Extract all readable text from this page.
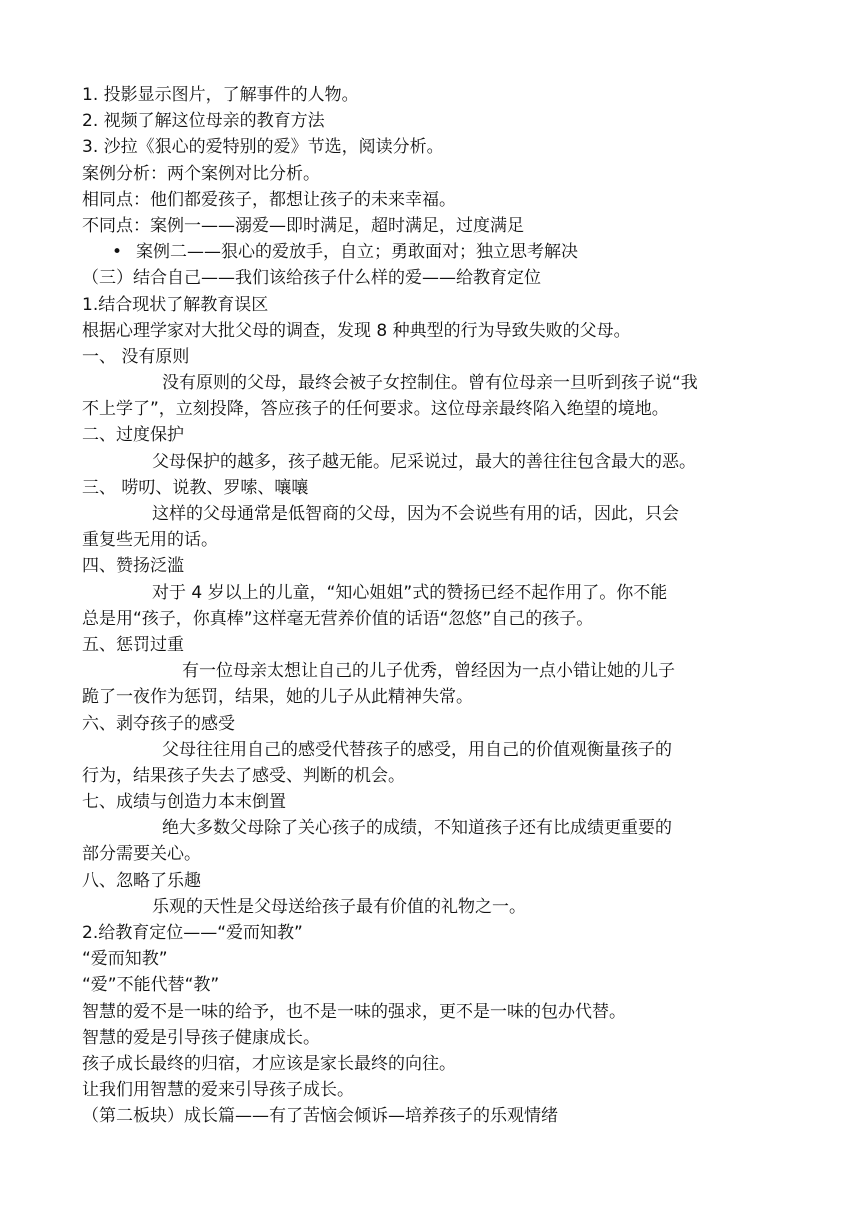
1. 投影显示图片，了解事件的人物。
2. 视频了解这位母亲的教育方法
3. 沙拉《狠心的爱特别的爱》节选，阅读分析。
案例分析：两个案例对比分析。
相同点：他们都爱孩子，都想让孩子的未来幸福。
不同点：案例一——溺爱—即时满足，超时满足，过度满足
• 案例二——狠心的爱放手，自立；勇敢面对；独立思考解决
（三）结合自己——我们该给孩子什么样的爱——给教育定位
1.结合现状了解教育误区
根据心理学家对大批父母的调查，发现 8 种典型的行为导致失败的父母。
一、 没有原则
没有原则的父母，最终会被子女控制住。曾有位母亲一旦听到孩子说“我
不上学了”，立刻投降，答应孩子的任何要求。这位母亲最终陷入绝望的境地。
二、过度保护
父母保护的越多，孩子越无能。尼采说过，最大的善往往包含最大的恶。
三、 唠叨、说教、罗嗦、嚷嚷
这样的父母通常是低智商的父母，因为不会说些有用的话，因此，只会
重复些无用的话。
四、赞扬泛滥
对于 4 岁以上的儿童，“知心姐姐”式的赞扬已经不起作用了。你不能
总是用“孩子，你真棒”这样毫无营养价值的话语“忽悠”自己的孩子。
五、惩罚过重
有一位母亲太想让自己的儿子优秀，曾经因为一点小错让她的儿子
跪了一夜作为惩罚，结果，她的儿子从此精神失常。
六、剥夺孩子的感受
父母往往用自己的感受代替孩子的感受，用自己的价值观衡量孩子的
行为，结果孩子失去了感受、判断的机会。
七、成绩与创造力本末倒置
绝大多数父母除了关心孩子的成绩，不知道孩子还有比成绩更重要的
部分需要关心。
八、忽略了乐趣
乐观的天性是父母送给孩子最有价值的礼物之一。
2.给教育定位——“爱而知教”
“爱而知教”
“爱”不能代替“教”
智慧的爱不是一味的给予，也不是一味的强求，更不是一味的包办代替。
智慧的爱是引导孩子健康成长。
孩子成长最终的归宿，才应该是家长最终的向往。
让我们用智慧的爱来引导孩子成长。
（第二板块）成长篇——有了苦恼会倾诉—培养孩子的乐观情绪
